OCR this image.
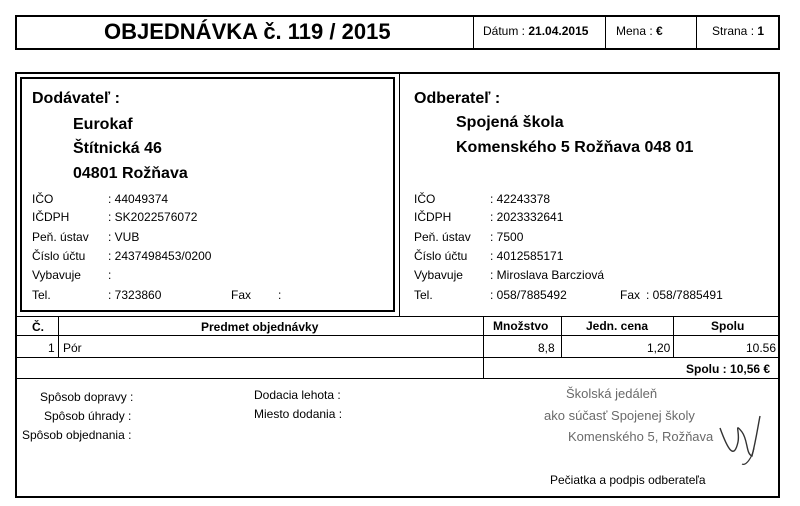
OBJEDNÁVKA č. 119 / 2015	Dátum : 21.04.2015 Mena : €	Strana : 1
Dodávateľ :
Eurokaf
Štítnická 46
04801 Rožňava
IČO	: 44049374
IČDPH	: SK2022576072
Peň. ústav : VUB
Číslo účtu : 2437498453/0200
Vybavuje :
Tel.	: 7323860	Fax :
Odberateľ :
Spojená škola
Komenského 5 Rožňava 048 01
IČO	: 42243378
IČDPH	: 2023332641
Peň. ústav : 7500
Číslo účtu : 4012585171
Vybavuje : Miroslava Barcziová
Tel.	: 058/7885492	Fax : 058/7885491
Č.	Predmet objednávky	Množstvo	Jedn. cena	Spolu
1 Pór	8,8	1,20	10.56
Spolu : 10,56 €
Spôsob dopravy :
Spôsob úhrady :
Spôsob objednania :
Dodacia lehota :
Miesto dodania :
Školská jedáleň
ako súčasť Spojenej školy
Komenského 5, Rožňava
Pečiatka a podpis odberateľa
